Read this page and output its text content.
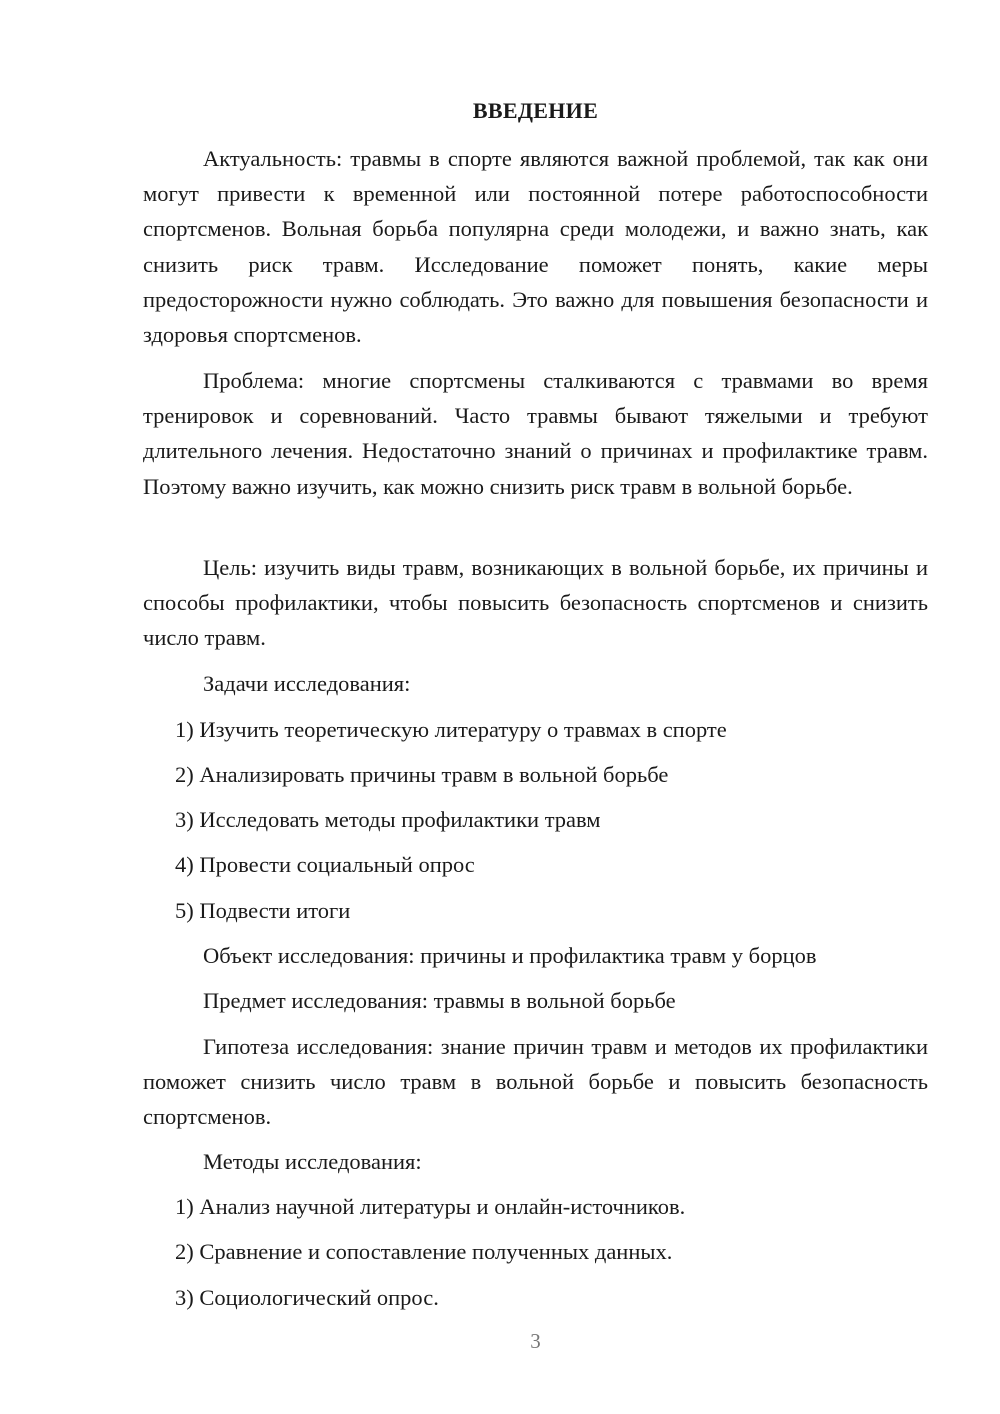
ВВЕДЕНИЕ

Актуальность: травмы в спорте являются важной проблемой, так как они могут привести к временной или постоянной потере работоспособности спортсменов. Вольная борьба популярна среди молодежи, и важно знать, как снизить риск травм. Исследование поможет понять, какие меры предосторожности нужно соблюдать. Это важно для повышения безопасности и здоровья спортсменов.

Проблема: многие спортсмены сталкиваются с травмами во время тренировок и соревнований. Часто травмы бывают тяжелыми и требуют длительного лечения. Недостаточно знаний о причинах и профилактике травм. Поэтому важно изучить, как можно снизить риск травм в вольной борьбе.

Цель: изучить виды травм, возникающих в вольной борьбе, их причины и способы профилактики, чтобы повысить безопасность спортсменов и снизить число травм.

Задачи исследования:

1) Изучить теоретическую литературу о травмах в спорте

2) Анализировать причины травм в вольной борьбе

3) Исследовать методы профилактики травм

4) Провести социальный опрос

5) Подвести итоги

Объект исследования: причины и профилактика травм у борцов

Предмет исследования: травмы в вольной борьбе

Гипотеза исследования: знание причин травм и методов их профилактики поможет снизить число травм в вольной борьбе и повысить безопасность спортсменов.

Методы исследования:

1) Анализ научной литературы и онлайн-источников.

2) Сравнение и сопоставление полученных данных.

3) Социологический опрос.

3
